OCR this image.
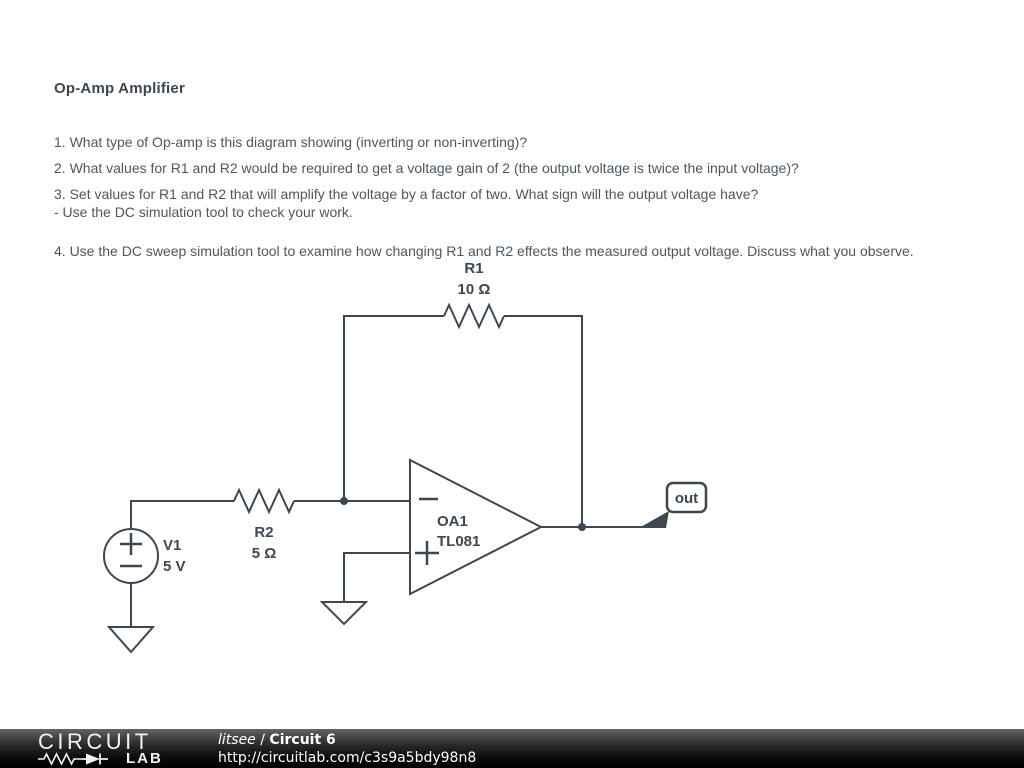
Op-Amp Amplifier
1. What type of Op-amp is this diagram showing (inverting or non-inverting)?
2. What values for R1 and R2 would be required to get a voltage gain of 2 (the output voltage is twice the input voltage)?
3. Set values for R1 and R2 that will amplify the voltage by a factor of two. What sign will the output voltage have?
- Use the DC simulation tool to check your work.
4. Use the DC sweep simulation tool to examine how changing R1 and R2 effects the measured output voltage. Discuss what you observe.
V1
5 V
R2
5 Ω
R1
10 Ω
OA1
TL081
out
CIRCUIT
LAB
litsee / Circuit 6
http://circuitlab.com/c3s9a5bdy98n8
